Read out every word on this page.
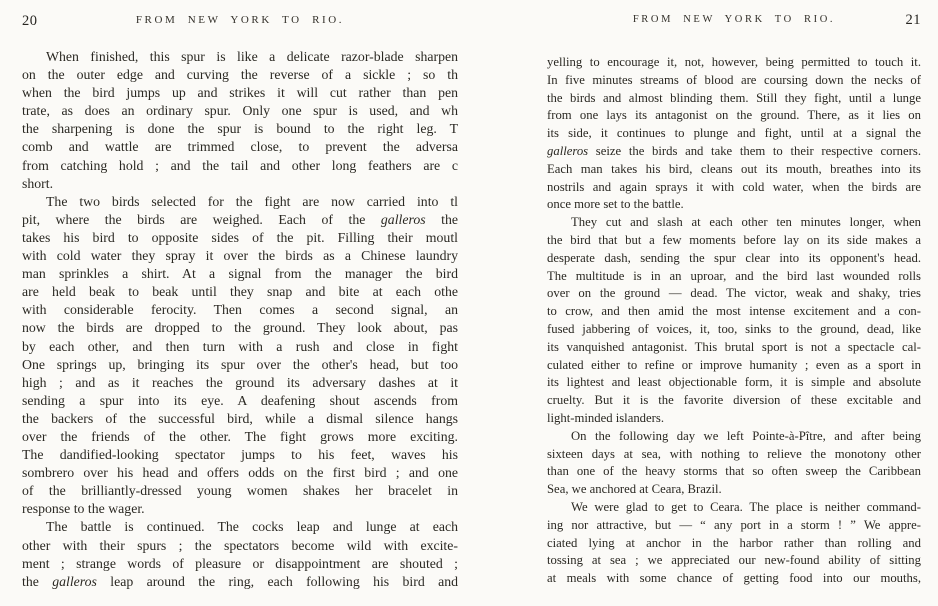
20	FROM NEW YORK TO RIO.
When finished, this spur is like a delicate razor-blade sharpen
on the outer edge and curving the reverse of a sickle ; so th
when the bird jumps up and strikes it will cut rather than pen
trate, as does an ordinary spur. Only one spur is used, and wh
the sharpening is done the spur is bound to the right leg. T
comb and wattle are trimmed close, to prevent the adversa
from catching hold ; and the tail and other long feathers are c
short.
The two birds selected for the fight are now carried into tl
pit, where the birds are weighed. Each of the galleros the
takes his bird to opposite sides of the pit. Filling their moutl
with cold water they spray it over the birds as a Chinese laundry
man sprinkles a shirt. At a signal from the manager the bird
are held beak to beak until they snap and bite at each othe
with considerable ferocity. Then comes a second signal, an
now the birds are dropped to the ground. They look about, pas
by each other, and then turn with a rush and close in fight
One springs up, bringing its spur over the other's head, but too
high ; and as it reaches the ground its adversary dashes at it
sending a spur into its eye. A deafening shout ascends from
the backers of the successful bird, while a dismal silence hangs
over the friends of the other. The fight grows more exciting.
The dandified-looking spectator jumps to his feet, waves his
sombrero over his head and offers odds on the first bird ; and one
of the brilliantly-dressed young women shakes her bracelet in
response to the wager.
The battle is continued. The cocks leap and lunge at each
other with their spurs ; the spectators become wild with excite-
ment ; strange words of pleasure or disappointment are shouted ;
the galleros leap around the ring, each following his bird and
FROM NEW YORK TO RIO.	21
yelling to encourage it, not, however, being permitted to touch it.
In five minutes streams of blood are coursing down the necks of
the birds and almost blinding them. Still they fight, until a lunge
from one lays its antagonist on the ground. There, as it lies on
its side, it continues to plunge and fight, until at a signal the
galleros seize the birds and take them to their respective corners.
Each man takes his bird, cleans out its mouth, breathes into its
nostrils and again sprays it with cold water, when the birds are
once more set to the battle.
They cut and slash at each other ten minutes longer, when
the bird that but a few moments before lay on its side makes a
desperate dash, sending the spur clear into its opponent's head.
The multitude is in an uproar, and the bird last wounded rolls
over on the ground — dead. The victor, weak and shaky, tries
to crow, and then amid the most intense excitement and a con-
fused jabbering of voices, it, too, sinks to the ground, dead, like
its vanquished antagonist. This brutal sport is not a spectacle cal-
culated either to refine or improve humanity ; even as a sport in
its lightest and least objectionable form, it is simple and absolute
cruelty. But it is the favorite diversion of these excitable and
light-minded islanders.
On the following day we left Pointe-à-Pître, and after being
sixteen days at sea, with nothing to relieve the monotony other
than one of the heavy storms that so often sweep the Caribbean
Sea, we anchored at Ceara, Brazil.
We were glad to get to Ceara. The place is neither command-
ing nor attractive, but — “ any port in a storm ! ” We appre-
ciated lying at anchor in the harbor rather than rolling and
tossing at sea ; we appreciated our new-found ability of sitting
at meals with some chance of getting food into our mouths,
